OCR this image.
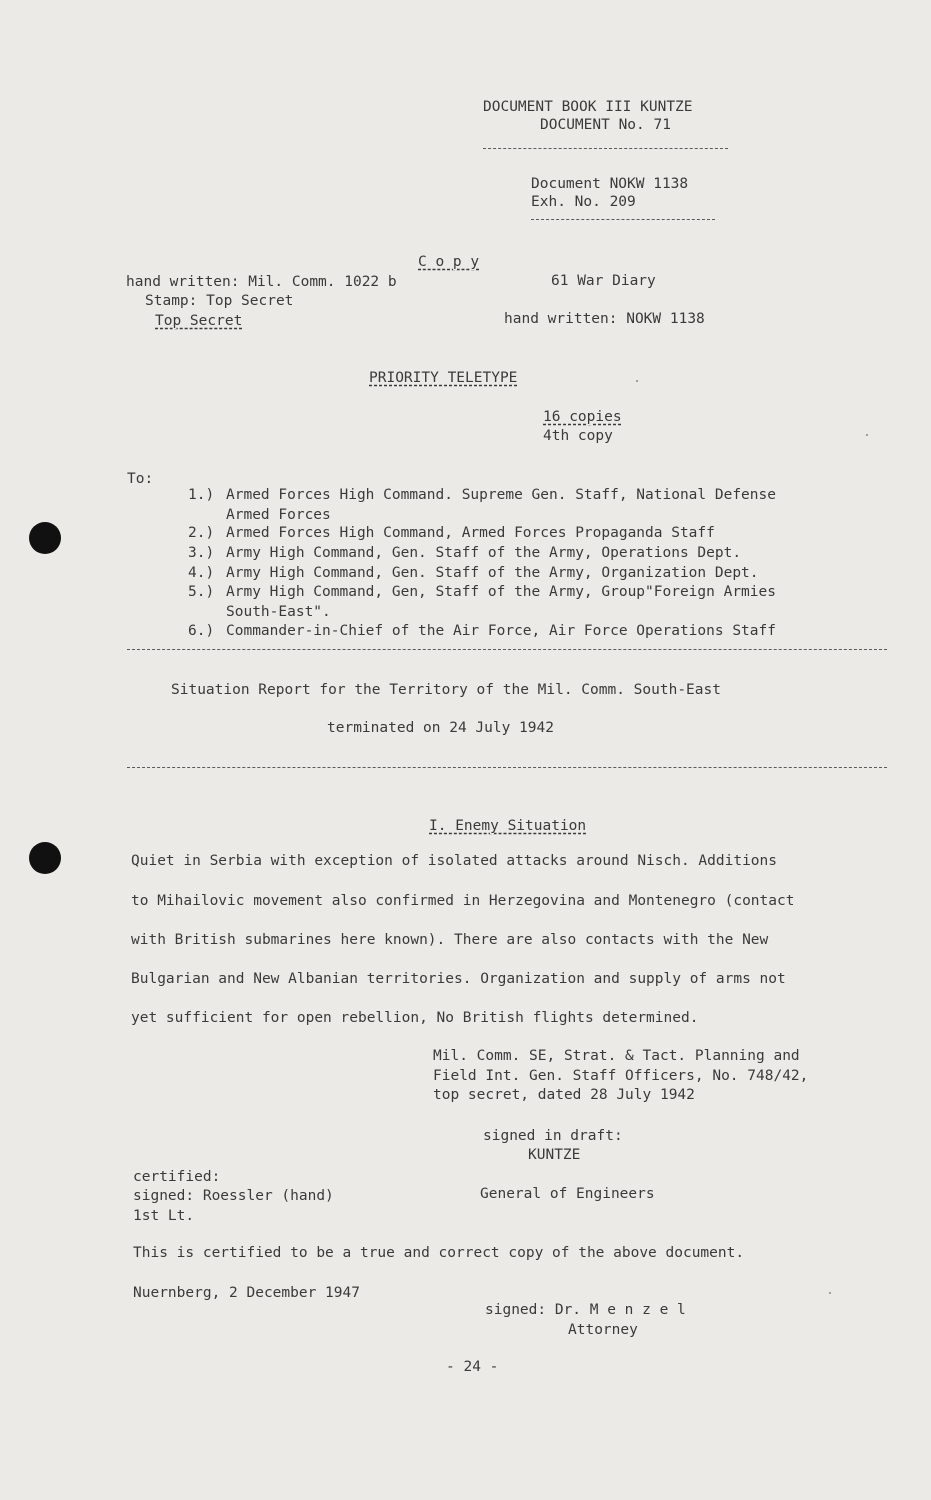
DOCUMENT BOOK III KUNTZE
DOCUMENT No. 71
Document NOKW 1138
Exh. No. 209
C o p y
hand written: Mil. Comm. 1022 b
Stamp: Top Secret
Top Secret
61 War Diary
hand written: NOKW 1138
PRIORITY TELETYPE
16 copies
4th copy
To:
1.) Armed Forces High Command. Supreme Gen. Staff, National Defense
Armed Forces
2.) Armed Forces High Command, Armed Forces Propaganda Staff
3.) Army High Command, Gen. Staff of the Army, Operations Dept.
4.) Army High Command, Gen. Staff of the Army, Organization Dept.
5.) Army High Command, Gen, Staff of the Army, Group"Foreign Armies
South-East".
6.) Commander-in-Chief of the Air Force, Air Force Operations Staff
Situation Report for the Territory of the Mil. Comm. South-East
terminated on 24 July 1942
I. Enemy Situation
Quiet in Serbia with exception of isolated attacks around Nisch. Additions
to Mihailovic movement also confirmed in Herzegovina and Montenegro (contact
with British submarines here known). There are also contacts with the New
Bulgarian and New Albanian territories. Organization and supply of arms not
yet sufficient for open rebellion, No British flights determined.
Mil. Comm. SE, Strat. & Tact. Planning and
Field Int. Gen. Staff Officers, No. 748/42,
top secret, dated 28 July 1942
signed in draft:
KUNTZE
General of Engineers
certified:
signed: Roessler (hand)
1st Lt.
This is certified to be a true and correct copy of the above document.
Nuernberg, 2 December 1947
signed: Dr. M e n z e l
Attorney
- 24 -
